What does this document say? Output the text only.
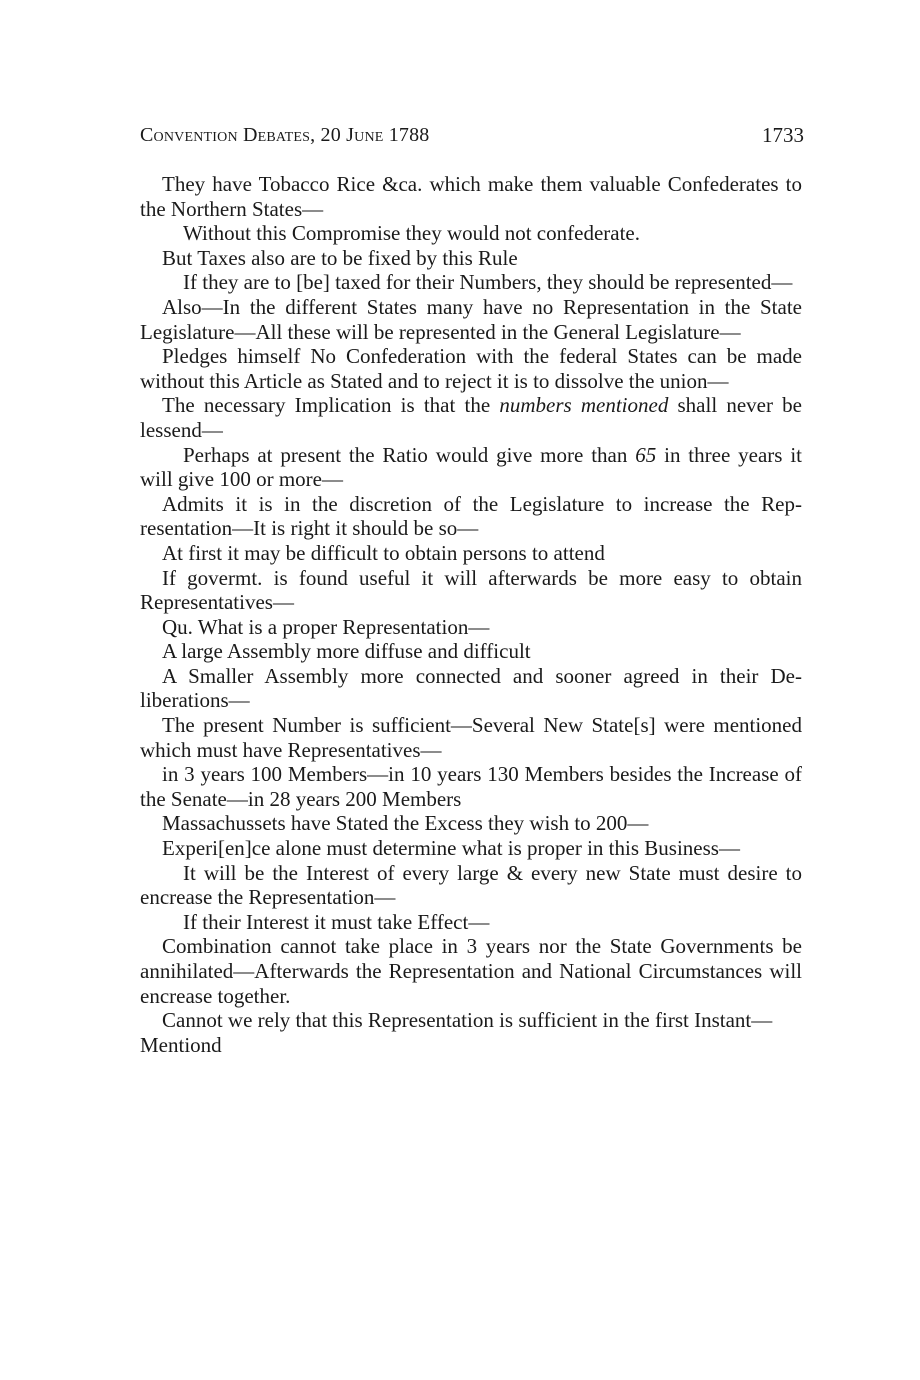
Convention Debates, 20 June 1788	1733

They have Tobacco Rice &ca. which make them valuable Confederates to the Northern States—

Without this Compromise they would not confederate.

But Taxes also are to be fixed by this Rule

If they are to [be] taxed for their Numbers, they should be represented—

Also—In the different States many have no Representation in the State Legislature—All these will be represented in the General Legislature—

Pledges himself No Confederation with the federal States can be made without this Article as Stated and to reject it is to dissolve the union—

The necessary Implication is that the numbers mentioned shall never be lessend—

Perhaps at present the Ratio would give more than 65 in three years it will give 100 or more—

Admits it is in the discretion of the Legislature to increase the Representation—It is right it should be so—

At first it may be difficult to obtain persons to attend

If govermt. is found useful it will afterwards be more easy to obtain Representatives—

Qu. What is a proper Representation—

A large Assembly more diffuse and difficult

A Smaller Assembly more connected and sooner agreed in their Deliberations—

The present Number is sufficient—Several New State[s] were mentioned which must have Representatives—

in 3 years 100 Members—in 10 years 130 Members besides the Increase of the Senate—in 28 years 200 Members

Massachussets have Stated the Excess they wish to 200—

Experi[en]ce alone must determine what is proper in this Business—

It will be the Interest of every large & every new State must desire to encrease the Representation—

If their Interest it must take Effect—

Combination cannot take place in 3 years nor the State Governments be annihilated—Afterwards the Representation and National Circumstances will encrease together.

Cannot we rely that this Representation is sufficient in the first Instant—

Mentiond
